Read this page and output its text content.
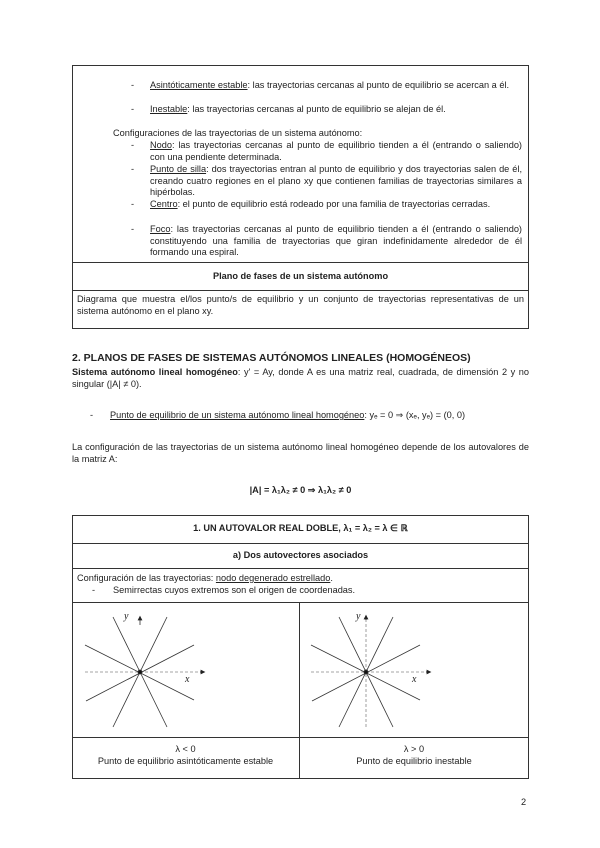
- Asintóticamente estable: las trayectorias cercanas al punto de equilibrio se acercan a él.
- Inestable: las trayectorias cercanas al punto de equilibrio se alejan de él.
Configuraciones de las trayectorias de un sistema autónomo:
- Nodo: las trayectorias cercanas al punto de equilibrio tienden a él (entrando o saliendo) con una pendiente determinada.
- Punto de silla: dos trayectorias entran al punto de equilibrio y dos trayectorias salen de él, creando cuatro regiones en el plano xy que contienen familias de trayectorias similares a hipérbolas.
- Centro: el punto de equilibrio está rodeado por una familia de trayectorias cerradas.
- Foco: las trayectorias cercanas al punto de equilibrio tienden a él (entrando o saliendo) constituyendo una familia de trayectorias que giran indefinidamente alrededor de él formando una espiral.
Plano de fases de un sistema autónomo
Diagrama que muestra el/los punto/s de equilibrio y un conjunto de trayectorias representativas de un sistema autónomo en el plano xy.
2. PLANOS DE FASES DE SISTEMAS AUTÓNOMOS LINEALES (HOMOGÉNEOS)
Sistema autónomo lineal homogéneo: y' = Ay, donde A es una matriz real, cuadrada, de dimensión 2 y no singular (|A| ≠ 0).
- Punto de equilibrio de un sistema autónomo lineal homogéneo: yₑ = 0 ⇒ (xₑ, yₑ) = (0, 0)
La configuración de las trayectorias de un sistema autónomo lineal homogéneo depende de los autovalores de la matriz A:
|A| = λ₁λ₂ ≠ 0 ⇒ λ₁λ₂ ≠ 0
1. UN AUTOVALOR REAL DOBLE, λ₁ = λ₂ = λ ∈ ℝ
a) Dos autovectores asociados
Configuración de las trayectorias: nodo degenerado estrellado.
- Semirrectas cuyos extremos son el origen de coordenadas.
y
x
y
x
λ < 0
Punto de equilibrio asintóticamente estable
λ > 0
Punto de equilibrio inestable
2
